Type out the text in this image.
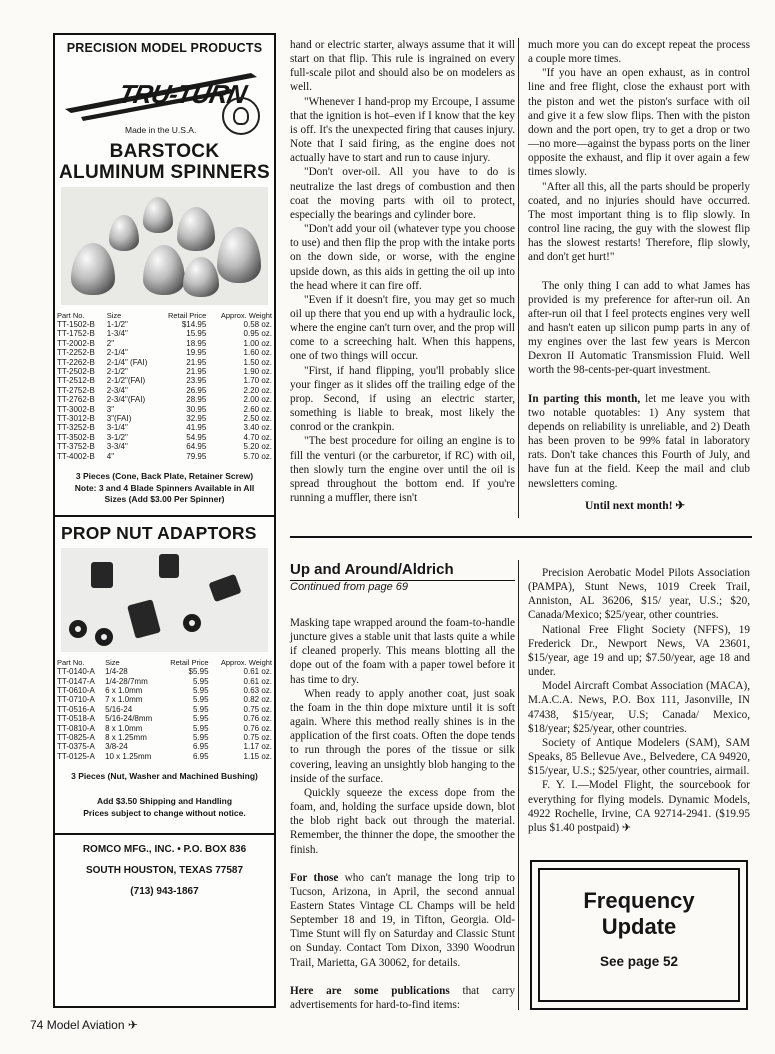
PRECISION MODEL PRODUCTS
TRU-TURN
Made in the U.S.A.
BARSTOCK ALUMINUM SPINNERS
Part No.	Size	Retail Price	Approx. Weight
TT-1502-B	1-1/2"	$14.95	0.58 oz.
TT-1752-B	1-3/4"	15.95	0.95 oz.
TT-2002-B	2"	18.95	1.00 oz.
TT-2252-B	2-1/4"	19.95	1.60 oz.
TT-2262-B	2-1/4" (FAI)	21.95	1.50 oz.
TT-2502-B	2-1/2"	21.95	1.90 oz.
TT-2512-B	2-1/2"(FAI)	23.95	1.70 oz.
TT-2752-B	2-3/4"	26.95	2.20 oz.
TT-2762-B	2-3/4"(FAI)	28.95	2.00 oz.
TT-3002-B	3"	30.95	2.60 oz.
TT-3012-B	3"(FAI)	32.95	2.50 oz.
TT-3252-B	3-1/4"	41.95	3.40 oz.
TT-3502-B	3-1/2"	54.95	4.70 oz.
TT-3752-B	3-3/4"	64.95	5.20 oz.
TT-4002-B	4"	79.95	5.70 oz.
3 Pieces (Cone, Back Plate, Retainer Screw)
Note: 3 and 4 Blade Spinners Available in All Sizes (Add $3.00 Per Spinner)
PROP NUT ADAPTORS
Part No.	Size	Retail Price	Approx. Weight
TT-0140-A	1/4-28	$5.95	0.61 oz.
TT-0147-A	1/4-28/7mm	5.95	0.61 oz.
TT-0610-A	6 x 1.0mm	5.95	0.63 oz.
TT-0710-A	7 x 1.0mm	5.95	0.82 oz.
TT-0516-A	5/16-24	5.95	0.75 oz.
TT-0518-A	5/16-24/8mm	5.95	0.76 oz.
TT-0810-A	8 x 1.0mm	5.95	0.76 oz.
TT-0825-A	8 x 1.25mm	5.95	0.75 oz.
TT-0375-A	3/8-24	6.95	1.17 oz.
TT-0125-A	10 x 1.25mm	6.95	1.15 oz.
3 Pieces (Nut, Washer and Machined Bushing)
Add $3.50 Shipping and Handling
Prices subject to change without notice.
ROMCO MFG., INC. • P.O. BOX 836
SOUTH HOUSTON, TEXAS 77587
(713) 943-1867

hand or electric starter, always assume that it will start on that flip. This rule is ingrained on every full-scale pilot and should also be on modelers as well.

"Whenever I hand-prop my Ercoupe, I assume that the ignition is hot–even if I know that the key is off. It's the unexpected firing that causes injury. Note that I said firing, as the engine does not actually have to start and run to cause injury.

"Don't over-oil. All you have to do is neutralize the last dregs of combustion and then coat the moving parts with oil to protect, especially the bearings and cylinder bore.

"Don't add your oil (whatever type you choose to use) and then flip the prop with the intake ports on the down side, or worse, with the engine upside down, as this aids in getting the oil up into the head where it can fire off.

"Even if it doesn't fire, you may get so much oil up there that you end up with a hydraulic lock, where the engine can't turn over, and the prop will come to a screeching halt. When this happens, one of two things will occur.

"First, if hand flipping, you'll probably slice your finger as it slides off the trailing edge of the prop. Second, if using an electric starter, something is liable to break, most likely the conrod or the crankpin.

"The best procedure for oiling an engine is to fill the venturi (or the carburetor, if RC) with oil, then slowly turn the engine over until the oil is spread throughout the bottom end. If you're running a muffler, there isn't

much more you can do except repeat the process a couple more times.

"If you have an open exhaust, as in control line and free flight, close the exhaust port with the piston and wet the piston's surface with oil and give it a few slow flips. Then with the piston down and the port open, try to get a drop or two—no more—against the bypass ports on the liner opposite the exhaust, and flip it over again a few times slowly.

"After all this, all the parts should be properly coated, and no injuries should have occurred. The most important thing is to flip slowly. In control line racing, the guy with the slowest flip has the slowest restarts! Therefore, flip slowly, and don't get hurt!"

The only thing I can add to what James has provided is my preference for after-run oil. An after-run oil that I feel protects engines very well and hasn't eaten up silicon pump parts in any of my engines over the last few years is Mercon Dexron II Automatic Transmission Fluid. Well worth the 98-cents-per-quart investment.

In parting this month, let me leave you with two notable quotables: 1) Any system that depends on reliability is unreliable, and 2) Death has been proven to be 99% fatal in laboratory rats. Don't take chances this Fourth of July, and have fun at the field. Keep the mail and club newsletters coming.

Until next month! ✈
Up and Around/Aldrich
Continued from page 69

Masking tape wrapped around the foam-to-handle juncture gives a stable unit that lasts quite a while if cleaned properly. This means blotting all the dope out of the foam with a paper towel before it has time to dry.

When ready to apply another coat, just soak the foam in the thin dope mixture until it is soft again. Where this method really shines is in the application of the first coats. Often the dope tends to run through the pores of the tissue or silk covering, leaving an unsightly blob hanging to the inside of the surface.

Quickly squeeze the excess dope from the foam, and, holding the surface upside down, blot the blob right back out through the material. Remember, the thinner the dope, the smoother the finish.

For those who can't manage the long trip to Tucson, Arizona, in April, the second annual Eastern States Vintage CL Champs will be held September 18 and 19, in Tifton, Georgia. Old-Time Stunt will fly on Saturday and Classic Stunt on Sunday. Contact Tom Dixon, 3390 Woodrun Trail, Marietta, GA 30062, for details.

Here are some publications that carry advertisements for hard-to-find items:

Precision Aerobatic Model Pilots Association (PAMPA), Stunt News, 1019 Creek Trail, Anniston, AL 36206, $15/ year, U.S.; $20, Canada/Mexico; $25/year, other countries.

National Free Flight Society (NFFS), 19 Frederick Dr., Newport News, VA 23601, $15/year, age 19 and up; $7.50/year, age 18 and under.

Model Aircraft Combat Association (MACA), M.A.C.A. News, P.O. Box 111, Jasonville, IN 47438, $15/year, U.S; Canada/ Mexico, $18/year; $25/year, other countries.

Society of Antique Modelers (SAM), SAM Speaks, 85 Bellevue Ave., Belvedere, CA 94920, $15/year, U.S.; $25/year, other countries, airmail.

F. Y. I.—Model Flight, the sourcebook for everything for flying models. Dynamic Models, 4922 Rochelle, Irvine, CA 92714-2941. ($19.95 plus $1.40 postpaid) ✈

Frequency
Update
See page 52
74 Model Aviation ✈
